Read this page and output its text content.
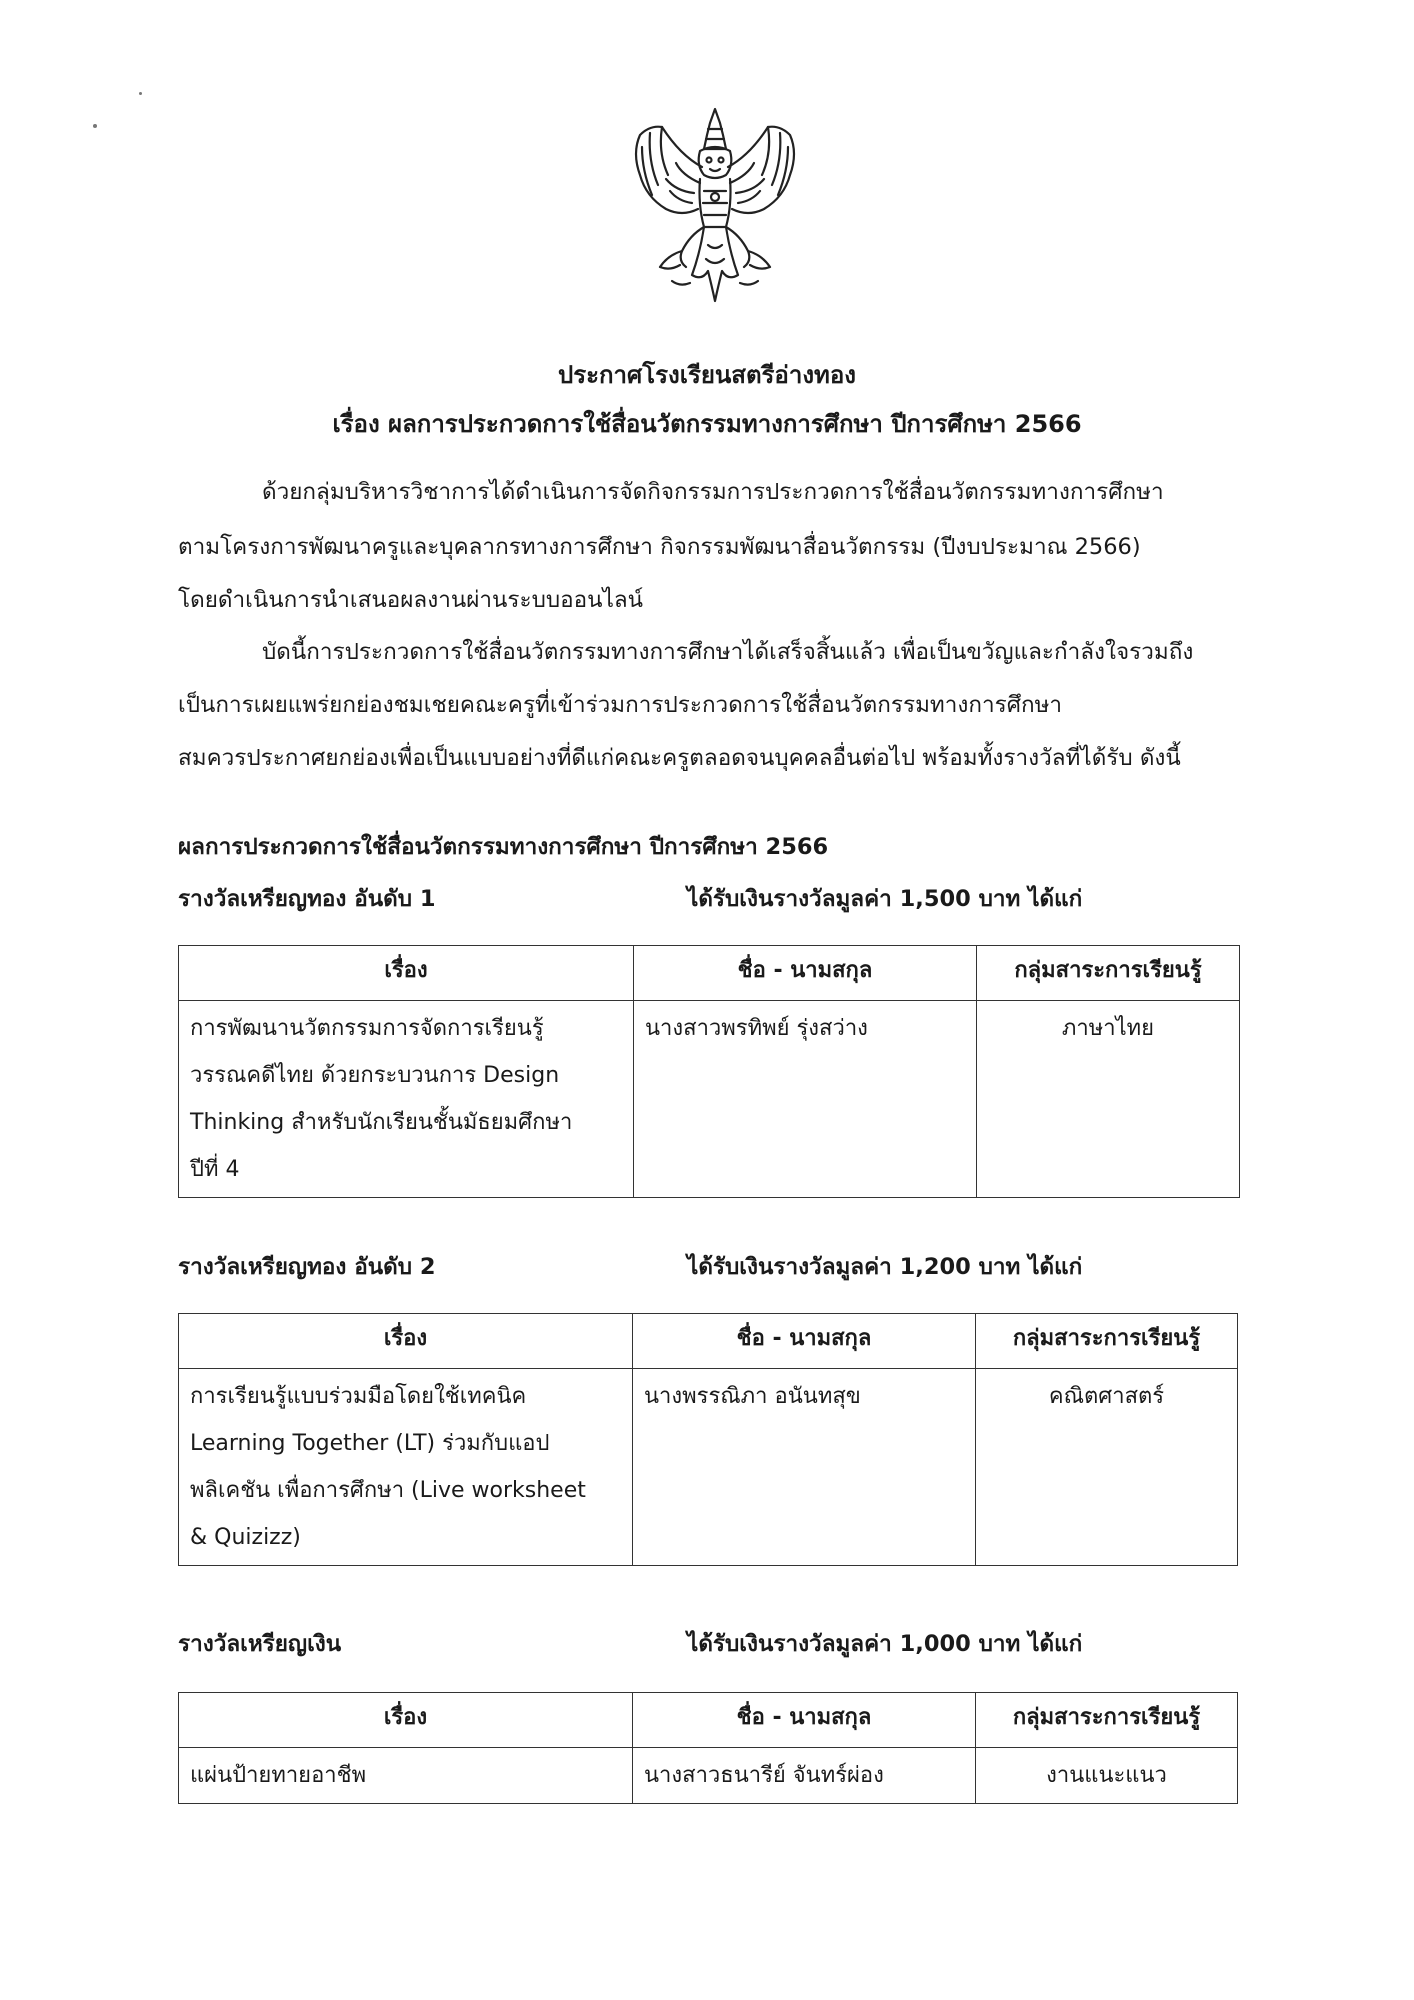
ประกาศโรงเรียนสตรีอ่างทอง
เรื่อง ผลการประกวดการใช้สื่อนวัตกรรมทางการศึกษา ปีการศึกษา 2566
ด้วยกลุ่มบริหารวิชาการได้ดำเนินการจัดกิจกรรมการประกวดการใช้สื่อนวัตกรรมทางการศึกษา
ตามโครงการพัฒนาครูและบุคลากรทางการศึกษา กิจกรรมพัฒนาสื่อนวัตกรรม (ปีงบประมาณ 2566)
โดยดำเนินการนำเสนอผลงานผ่านระบบออนไลน์
บัดนี้การประกวดการใช้สื่อนวัตกรรมทางการศึกษาได้เสร็จสิ้นแล้ว เพื่อเป็นขวัญและกำลังใจรวมถึง
เป็นการเผยแพร่ยกย่องชมเชยคณะครูที่เข้าร่วมการประกวดการใช้สื่อนวัตกรรมทางการศึกษา
สมควรประกาศยกย่องเพื่อเป็นแบบอย่างที่ดีแก่คณะครูตลอดจนบุคคลอื่นต่อไป พร้อมทั้งรางวัลที่ได้รับ ดังนี้
ผลการประกวดการใช้สื่อนวัตกรรมทางการศึกษา ปีการศึกษา 2566
รางวัลเหรียญทอง อันดับ 1	ได้รับเงินรางวัลมูลค่า 1,500 บาท ได้แก่
เรื่อง	ชื่อ - นามสกุล	กลุ่มสาระการเรียนรู้

การพัฒนานวัตกรรมการจัดการเรียนรู้
วรรณคดีไทย ด้วยกระบวนการ Design
Thinking สำหรับนักเรียนชั้นมัธยมศึกษา
ปีที่ 4	นางสาวพรทิพย์ รุ่งสว่าง	ภาษาไทย
รางวัลเหรียญทอง อันดับ 2	ได้รับเงินรางวัลมูลค่า 1,200 บาท ได้แก่
เรื่อง	ชื่อ - นามสกุล	กลุ่มสาระการเรียนรู้

การเรียนรู้แบบร่วมมือโดยใช้เทคนิค
Learning Together (LT) ร่วมกับแอป
พลิเคชัน เพื่อการศึกษา (Live worksheet
& Quizizz)	นางพรรณิภา อนันทสุข	คณิตศาสตร์
รางวัลเหรียญเงิน	ได้รับเงินรางวัลมูลค่า 1,000 บาท ได้แก่
เรื่อง	ชื่อ - นามสกุล	กลุ่มสาระการเรียนรู้

แผ่นป้ายทายอาชีพ	นางสาวธนารีย์ จันทร์ผ่อง	งานแนะแนว
